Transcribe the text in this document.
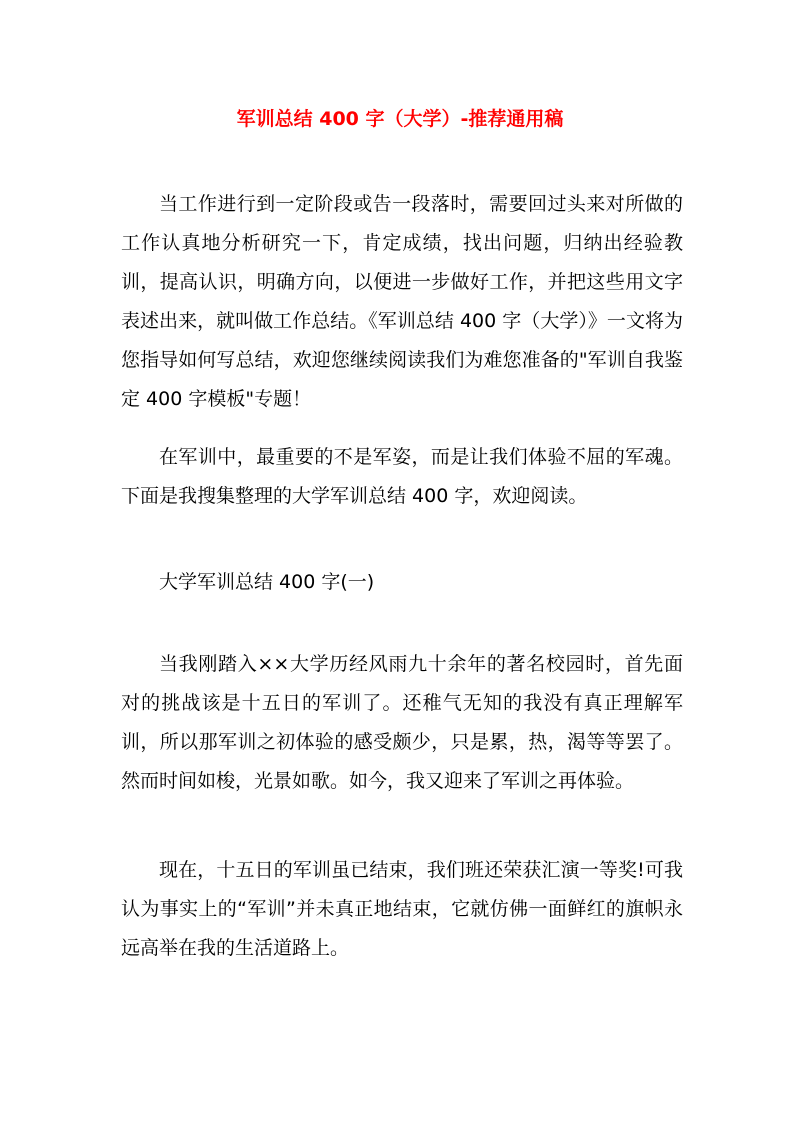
军训总结 400 字（大学）-推荐通用稿

当工作进行到一定阶段或告一段落时，需要回过头来对所做的工作认真地分析研究一下，肯定成绩，找出问题，归纳出经验教训，提高认识，明确方向，以便进一步做好工作，并把这些用文字表述出来，就叫做工作总结。《军训总结 400 字（大学）》一文将为您指导如何写总结，欢迎您继续阅读我们为难您准备的"军训自我鉴定 400 字模板"专题！

在军训中，最重要的不是军姿，而是让我们体验不屈的军魂。下面是我搜集整理的大学军训总结 400 字，欢迎阅读。

大学军训总结 400 字(一)

当我刚踏入××大学历经风雨九十余年的著名校园时，首先面对的挑战该是十五日的军训了。还稚气无知的我没有真正理解军训，所以那军训之初体验的感受颇少，只是累，热，渴等等罢了。然而时间如梭，光景如歌。如今，我又迎来了军训之再体验。

现在，十五日的军训虽已结束，我们班还荣获汇演一等奖!可我认为事实上的“军训”并未真正地结束，它就仿佛一面鲜红的旗帜永远高举在我的生活道路上。
